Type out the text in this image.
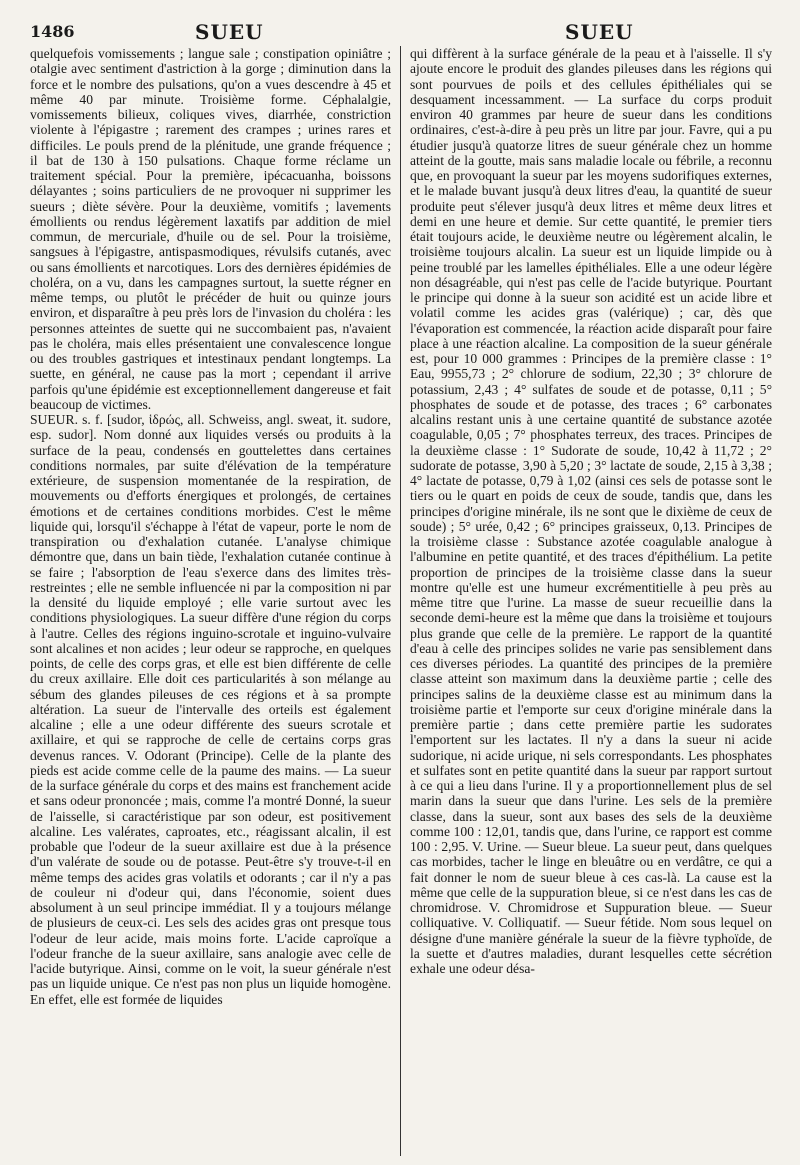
1486	SUEU	SUEU
quelquefois vomissements ; langue sale ; constipation opiniâtre ; otalgie avec sentiment d'astriction à la gorge ; diminution dans la force et le nombre des pulsations, qu'on a vues descendre à 45 et même 40 par minute. Troisième forme. Céphalalgie, vomissements bilieux, coliques vives, diarrhée, constriction violente à l'épigastre ; rarement des crampes ; urines rares et difficiles. Le pouls prend de la plénitude, une grande fréquence ; il bat de 130 à 150 pulsations. Chaque forme réclame un traitement spécial. Pour la première, ipécacuanha, boissons délayantes ; soins particuliers de ne provoquer ni supprimer les sueurs ; diète sévère. Pour la deuxième, vomitifs ; lavements émollients ou rendus légèrement laxatifs par addition de miel commun, de mercuriale, d'huile ou de sel. Pour la troisième, sangsues à l'épigastre, antispasmodiques, révulsifs cutanés, avec ou sans émollients et narcotiques. Lors des dernières épidémies de choléra, on a vu, dans les campagnes surtout, la suette régner en même temps, ou plutôt le précéder de huit ou quinze jours environ, et disparaître à peu près lors de l'invasion du choléra : les personnes atteintes de suette qui ne succombaient pas, n'avaient pas le choléra, mais elles présentaient une convalescence longue ou des troubles gastriques et intestinaux pendant longtemps. La suette, en général, ne cause pas la mort ; cependant il arrive parfois qu'une épidémie est exceptionnellement dangereuse et fait beaucoup de victimes.
SUEUR. s. f. [sudor, ἱδρώς, all. Schweiss, angl. sweat, it. sudore, esp. sudor]. Nom donné aux liquides versés ou produits à la surface de la peau, condensés en gouttelettes dans certaines conditions normales, par suite d'élévation de la température extérieure, de suspension momentanée de la respiration, de mouvements ou d'efforts énergiques et prolongés, de certaines émotions et de certaines conditions morbides. C'est le même liquide qui, lorsqu'il s'échappe à l'état de vapeur, porte le nom de transpiration ou d'exhalation cutanée. L'analyse chimique démontre que, dans un bain tiède, l'exhalation cutanée continue à se faire ; l'absorption de l'eau s'exerce dans des limites très-restreintes ; elle ne semble influencée ni par la composition ni par la densité du liquide employé ; elle varie surtout avec les conditions physiologiques. La sueur diffère d'une région du corps à l'autre. Celles des régions inguino-scrotale et inguino-vulvaire sont alcalines et non acides ; leur odeur se rapproche, en quelques points, de celle des corps gras, et elle est bien différente de celle du creux axillaire. Elle doit ces particularités à son mélange au sébum des glandes pileuses de ces régions et à sa prompte altération. La sueur de l'intervalle des orteils est également alcaline ; elle a une odeur différente des sueurs scrotale et axillaire, et qui se rapproche de celle de certains corps gras devenus rances. V. Odorant (Principe). Celle de la plante des pieds est acide comme celle de la paume des mains. — La sueur de la surface générale du corps et des mains est franchement acide et sans odeur prononcée ; mais, comme l'a montré Donné, la sueur de l'aisselle, si caractéristique par son odeur, est positivement alcaline. Les valérates, caproates, etc., réagissant alcalin, il est probable que l'odeur de la sueur axillaire est due à la présence d'un valérate de soude ou de potasse. Peut-être s'y trouve-t-il en même temps des acides gras volatils et odorants ; car il n'y a pas de couleur ni d'odeur qui, dans l'économie, soient dues absolument à un seul principe immédiat. Il y a toujours mélange de plusieurs de ceux-ci. Les sels des acides gras ont presque tous l'odeur de leur acide, mais moins forte. L'acide caproïque a l'odeur franche de la sueur axillaire, sans analogie avec celle de l'acide butyrique. Ainsi, comme on le voit, la sueur générale n'est pas un liquide unique. Ce n'est pas non plus un liquide homogène. En effet, elle est formée de liquides
qui diffèrent à la surface générale de la peau et à l'aisselle. Il s'y ajoute encore le produit des glandes pileuses dans les régions qui sont pourvues de poils et des cellules épithéliales qui se desquament incessamment. — La surface du corps produit environ 40 grammes par heure de sueur dans les conditions ordinaires, c'est-à-dire à peu près un litre par jour. Favre, qui a pu étudier jusqu'à quatorze litres de sueur générale chez un homme atteint de la goutte, mais sans maladie locale ou fébrile, a reconnu que, en provoquant la sueur par les moyens sudorifiques externes, et le malade buvant jusqu'à deux litres d'eau, la quantité de sueur produite peut s'élever jusqu'à deux litres et même deux litres et demi en une heure et demie. Sur cette quantité, le premier tiers était toujours acide, le deuxième neutre ou légèrement alcalin, le troisième toujours alcalin. La sueur est un liquide limpide ou à peine troublé par les lamelles épithéliales. Elle a une odeur légère non désagréable, qui n'est pas celle de l'acide butyrique. Pourtant le principe qui donne à la sueur son acidité est un acide libre et volatil comme les acides gras (valérique) ; car, dès que l'évaporation est commencée, la réaction acide disparaît pour faire place à une réaction alcaline. La composition de la sueur générale est, pour 10 000 grammes : Principes de la première classe : 1° Eau, 9955,73 ; 2° chlorure de sodium, 22,30 ; 3° chlorure de potassium, 2,43 ; 4° sulfates de soude et de potasse, 0,11 ; 5° phosphates de soude et de potasse, des traces ; 6° carbonates alcalins restant unis à une certaine quantité de substance azotée coagulable, 0,05 ; 7° phosphates terreux, des traces. Principes de la deuxième classe : 1° Sudorate de soude, 10,42 à 11,72 ; 2° sudorate de potasse, 3,90 à 5,20 ; 3° lactate de soude, 2,15 à 3,38 ; 4° lactate de potasse, 0,79 à 1,02 (ainsi ces sels de potasse sont le tiers ou le quart en poids de ceux de soude, tandis que, dans les principes d'origine minérale, ils ne sont que le dixième de ceux de soude) ; 5° urée, 0,42 ; 6° principes graisseux, 0,13. Principes de la troisième classe : Substance azotée coagulable analogue à l'albumine en petite quantité, et des traces d'épithélium. La petite proportion de principes de la troisième classe dans la sueur montre qu'elle est une humeur excrémentitielle à peu près au même titre que l'urine. La masse de sueur recueillie dans la seconde demi-heure est la même que dans la troisième et toujours plus grande que celle de la première. Le rapport de la quantité d'eau à celle des principes solides ne varie pas sensiblement dans ces diverses périodes. La quantité des principes de la première classe atteint son maximum dans la deuxième partie ; celle des principes salins de la deuxième classe est au minimum dans la troisième partie et l'emporte sur ceux d'origine minérale dans la première partie ; dans cette première partie les sudorates l'emportent sur les lactates. Il n'y a dans la sueur ni acide sudorique, ni acide urique, ni sels correspondants. Les phosphates et sulfates sont en petite quantité dans la sueur par rapport surtout à ce qui a lieu dans l'urine. Il y a proportionnellement plus de sel marin dans la sueur que dans l'urine. Les sels de la première classe, dans la sueur, sont aux bases des sels de la deuxième comme 100 : 12,01, tandis que, dans l'urine, ce rapport est comme 100 : 2,95. V. Urine. — Sueur bleue. La sueur peut, dans quelques cas morbides, tacher le linge en bleuâtre ou en verdâtre, ce qui a fait donner le nom de sueur bleue à ces cas-là. La cause est la même que celle de la suppuration bleue, si ce n'est dans les cas de chromidrose. V. Chromidrose et Suppuration bleue. — Sueur colliquative. V. Colliquatif. — Sueur fétide. Nom sous lequel on désigne d'une manière générale la sueur de la fièvre typhoïde, de la suette et d'autres maladies, durant lesquelles cette sécrétion exhale une odeur désa-
